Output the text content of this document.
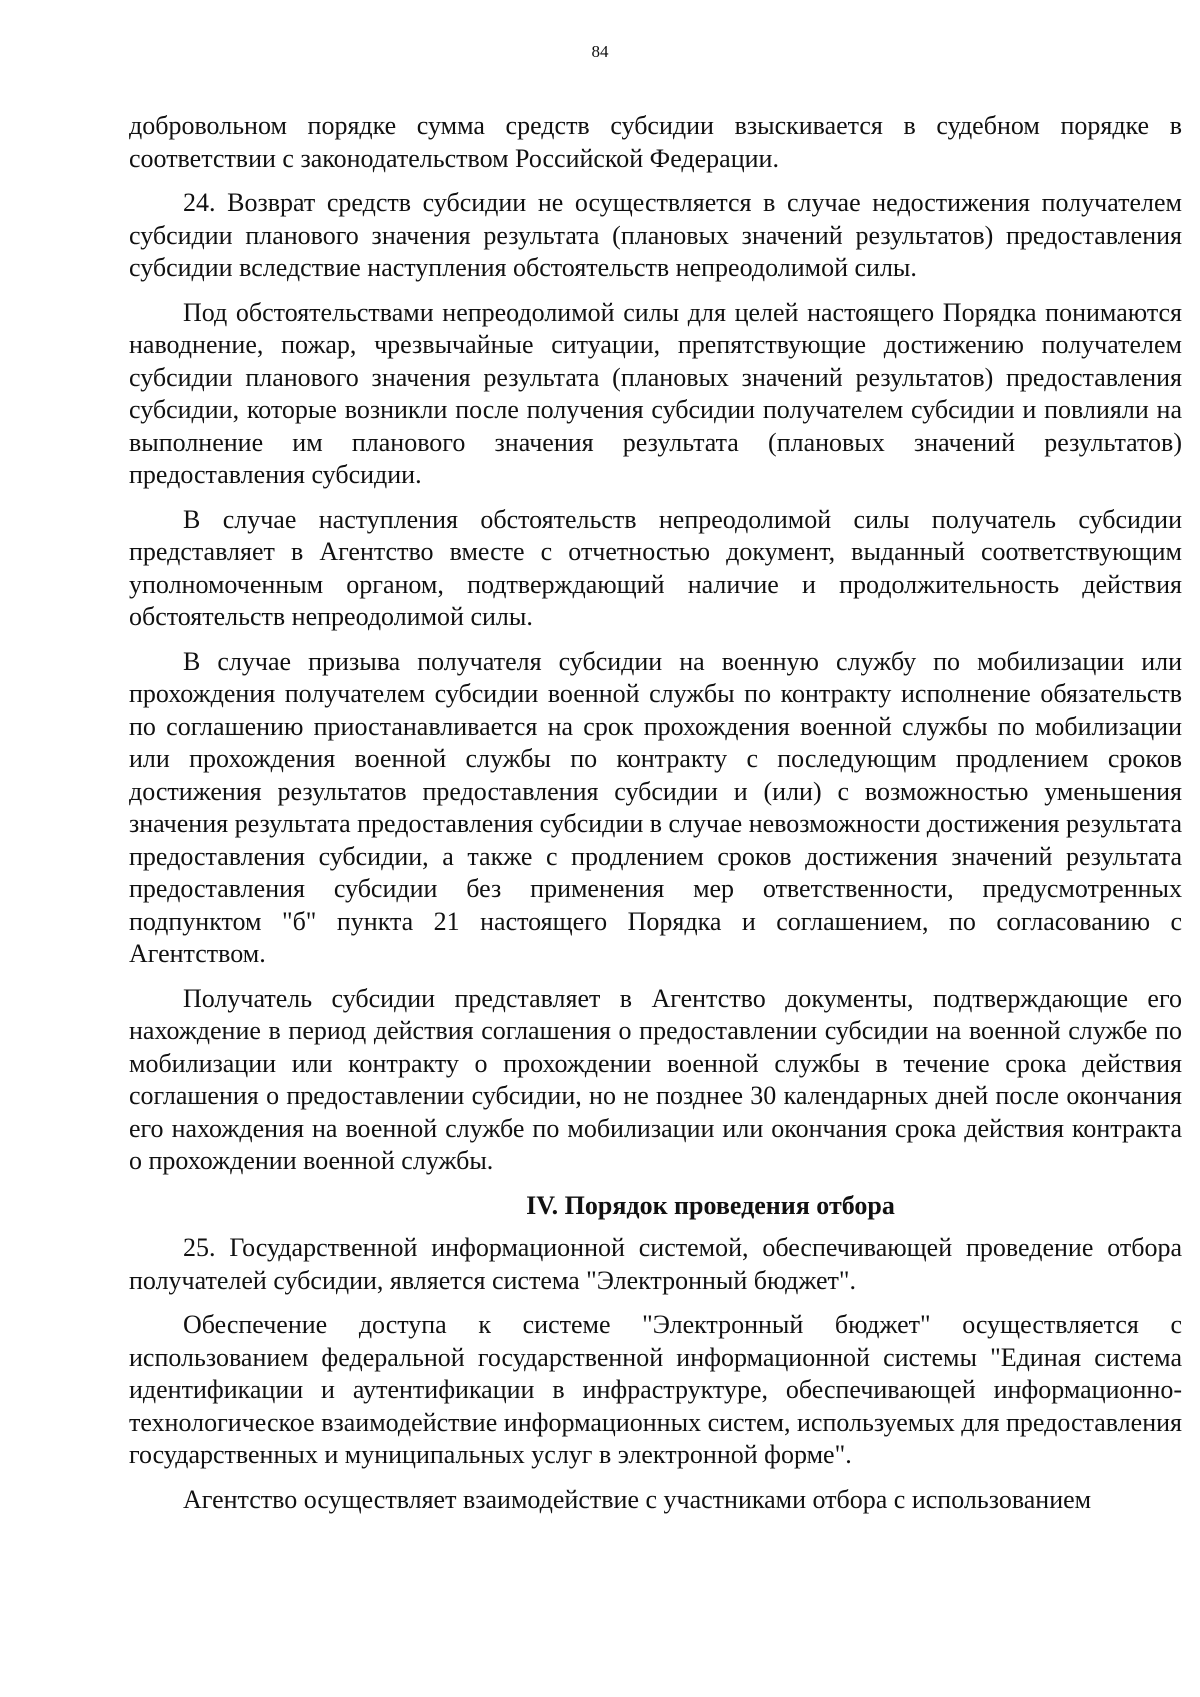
84

добровольном порядке сумма средств субсидии взыскивается в судебном порядке в соответствии с законодательством Российской Федерации.

24. Возврат средств субсидии не осуществляется в случае недостижения получателем субсидии планового значения результата (плановых значений результатов) предоставления субсидии вследствие наступления обстоятельств непреодолимой силы.

Под обстоятельствами непреодолимой силы для целей настоящего Порядка понимаются наводнение, пожар, чрезвычайные ситуации, препятствующие достижению получателем субсидии планового значения результата (плановых значений результатов) предоставления субсидии, которые возникли после получения субсидии получателем субсидии и повлияли на выполнение им планового значения результата (плановых значений результатов) предоставления субсидии.

В случае наступления обстоятельств непреодолимой силы получатель субсидии представляет в Агентство вместе с отчетностью документ, выданный соответствующим уполномоченным органом, подтверждающий наличие и продолжительность действия обстоятельств непреодолимой силы.

В случае призыва получателя субсидии на военную службу по мобилизации или прохождения получателем субсидии военной службы по контракту исполнение обязательств по соглашению приостанавливается на срок прохождения военной службы по мобилизации или прохождения военной службы по контракту с последующим продлением сроков достижения результатов предоставления субсидии и (или) с возможностью уменьшения значения результата предоставления субсидии в случае невозможности достижения результата предоставления субсидии, а также с продлением сроков достижения значений результата предоставления субсидии без применения мер ответственности, предусмотренных подпунктом "б" пункта 21 настоящего Порядка и соглашением, по согласованию с Агентством.

Получатель субсидии представляет в Агентство документы, подтверждающие его нахождение в период действия соглашения о предоставлении субсидии на военной службе по мобилизации или контракту о прохождении военной службы в течение срока действия соглашения о предоставлении субсидии, но не позднее 30 календарных дней после окончания его нахождения на военной службе по мобилизации или окончания срока действия контракта о прохождении военной службы.

IV. Порядок проведения отбора

25. Государственной информационной системой, обеспечивающей проведение отбора получателей субсидии, является система "Электронный бюджет".

Обеспечение доступа к системе "Электронный бюджет" осуществляется с использованием федеральной государственной информационной системы "Единая система идентификации и аутентификации в инфраструктуре, обеспечивающей информационно-технологическое взаимодействие информационных систем, используемых для предоставления государственных и муниципальных услуг в электронной форме".

Агентство осуществляет взаимодействие с участниками отбора с использованием
